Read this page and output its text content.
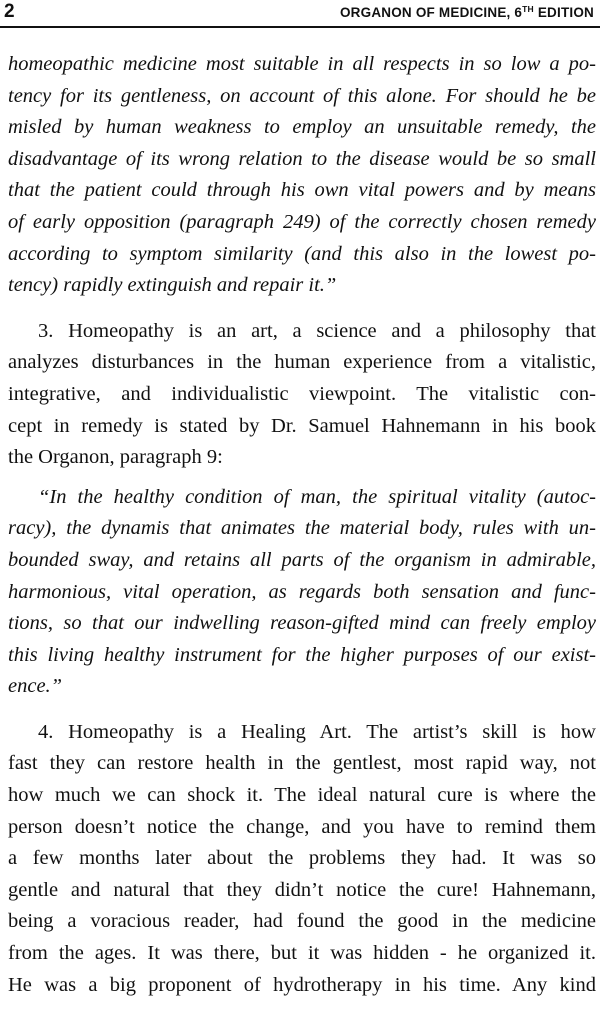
2	ORGANON OF MEDICINE, 6TH EDITION
homeopathic medicine most suitable in all respects in so low a po-
tency for its gentleness, on account of this alone. For should he be
misled by human weakness to employ an unsuitable remedy, the
disadvantage of its wrong relation to the disease would be so small
that the patient could through his own vital powers and by means
of early opposition (paragraph 249) of the correctly chosen remedy
according to symptom similarity (and this also in the lowest po-
tency) rapidly extinguish and repair it.”
3. Homeopathy is an art, a science and a philosophy that
analyzes disturbances in the human experience from a vitalistic,
integrative, and individualistic viewpoint. The vitalistic con-
cept in remedy is stated by Dr. Samuel Hahnemann in his book
the Organon, paragraph 9:
“In the healthy condition of man, the spiritual vitality (autoc-
racy), the dynamis that animates the material body, rules with un-
bounded sway, and retains all parts of the organism in admirable,
harmonious, vital operation, as regards both sensation and func-
tions, so that our indwelling reason-gifted mind can freely employ
this living healthy instrument for the higher purposes of our exist-
ence.”
4. Homeopathy is a Healing Art. The artist’s skill is how
fast they can restore health in the gentlest, most rapid way, not
how much we can shock it. The ideal natural cure is where the
person doesn’t notice the change, and you have to remind them
a few months later about the problems they had. It was so
gentle and natural that they didn’t notice the cure! Hahnemann,
being a voracious reader, had found the good in the medicine
from the ages. It was there, but it was hidden - he organized it.
He was a big proponent of hydrotherapy in his time. Any kind
